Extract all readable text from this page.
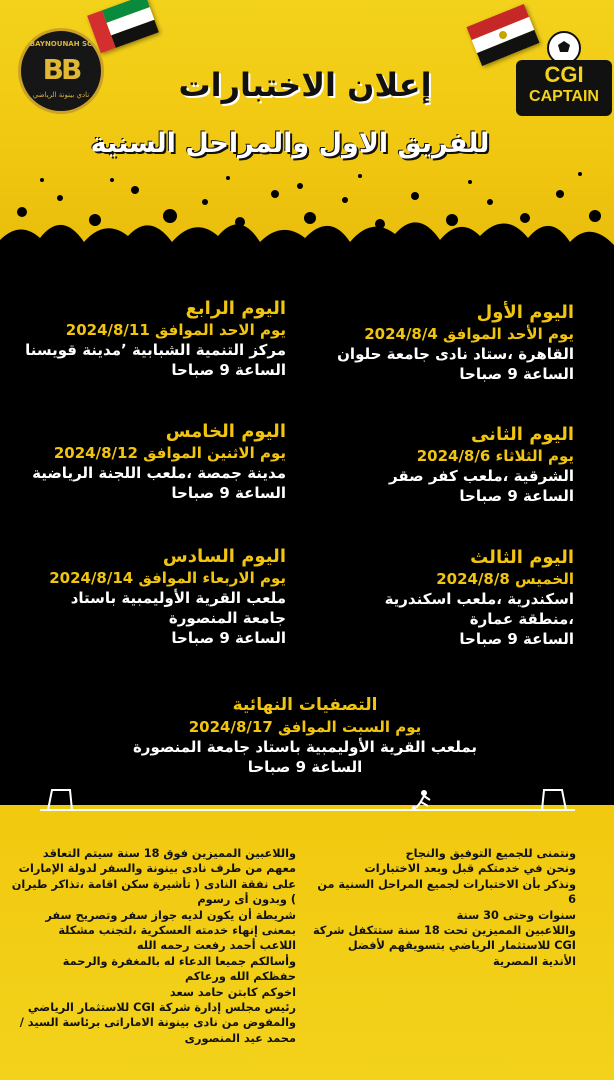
BAYNOUNAH SC
BB
نادي بينونة الرياضي
CGI
CAPTAIN
إعلان الاختبارات
للفريق الاول والمراحل السنية
اليوم الأول
يوم الأحد الموافق 2024/8/4
القاهرة ،ستاد نادى جامعة حلوان
الساعة 9 صباحا
اليوم الثانى
يوم الثلاثاء 2024/8/6
الشرقية ،ملعب كفر صقر
الساعة 9 صباحا
اليوم الثالث
الخميس 2024/8/8
اسكندرية ،ملعب اسكندرية
،منطقة عمارة
الساعة 9 صباحا
اليوم الرابع
يوم الاحد الموافق 2024/8/11
مركز التنمية الشبابية ٬مدينة قويسنا
الساعة 9 صباحا
اليوم الخامس
يوم الاثنين الموافق 2024/8/12
مدينة جمصة ،ملعب اللجنة الرياضية
الساعة 9 صباحا
اليوم السادس
يوم الاربعاء الموافق 2024/8/14
ملعب القرية الأوليمبية باستاد
جامعة المنصورة
الساعة 9 صباحا
التصفيات النهائية
يوم السبت الموافق 2024/8/17
بملعب القرية الأوليمبية باستاد جامعة المنصورة
الساعة 9 صباحا
ونتمنى للجميع التوفيق والنجاح
ونحن في خدمتكم قبل وبعد الاختبارات
ونذكر بأن الاختبارات لجميع المراحل السنية من 6
سنوات وحتى 30 سنة
واللاعبين المميزين تحت 18 سنة ستتكفل شركة
CGI للاستثمار الرياضي بتسويقهم لأفضل
الأندية المصرية
واللاعبين المميزين فوق 18 سنة سيتم التعاقد
معهم من طرف نادى بينونة والسفر لدولة الإمارات
على نفقة النادى ( تأشيرة سكن اقامة ،تذاكر طيران
) وبدون أى رسوم
شريطة أن يكون لديه جواز سفر وتصريح سفر
بمعنى إنهاء خدمته العسكرية ،لتجنب مشكلة
اللاعب أحمد رفعت رحمه الله
وأسالكم جميعا الدعاء له بالمغفرة والرحمة
حفظكم الله ورعاكم
اخوكم كابتن حامد سعد
رئيس مجلس إدارة شركة CGI للاستثمار الرياضي
والمفوض من نادى بينونة الاماراتى برئاسة السيد /
محمد عيد المنصورى
